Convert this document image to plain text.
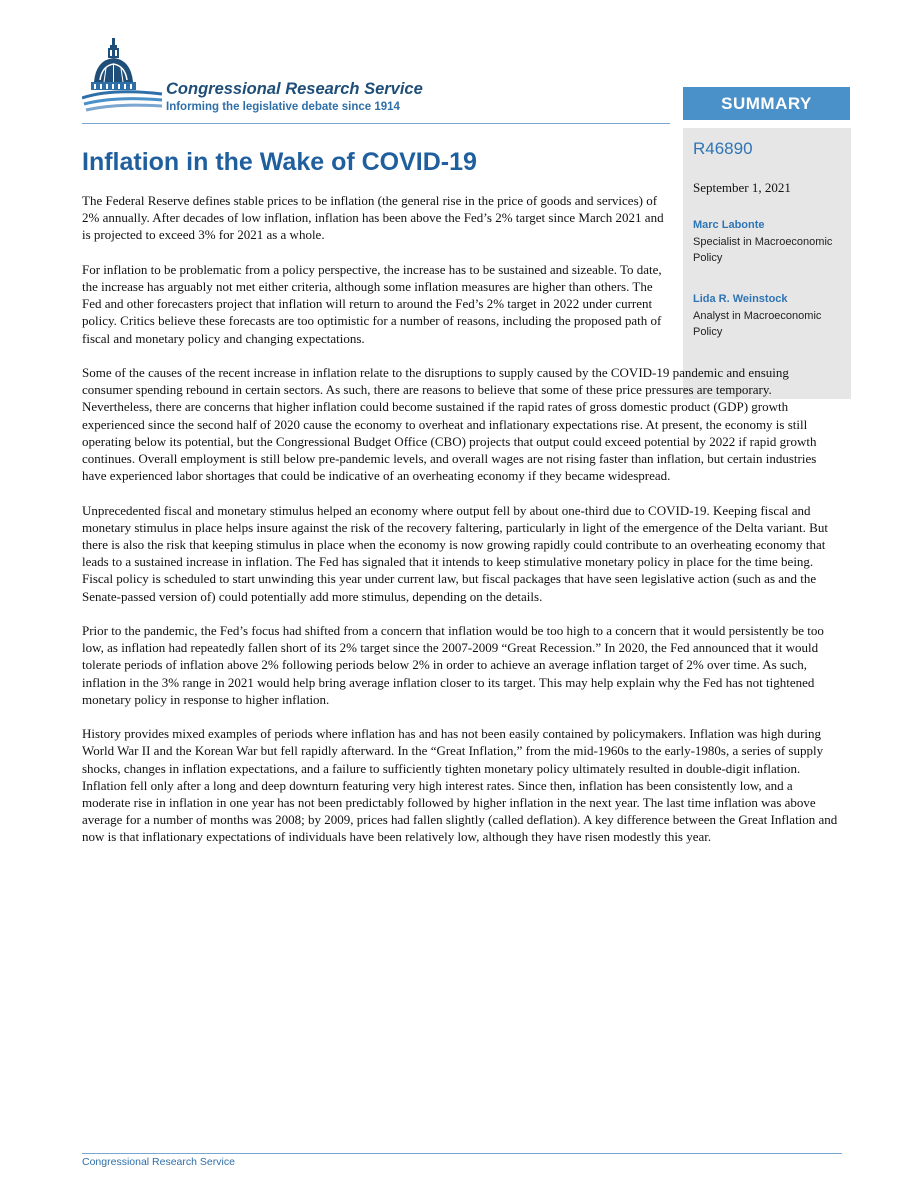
Congressional Research Service
Informing the legislative debate since 1914	SUMMARY
R46890
September 1, 2021
Marc Labonte
Specialist in Macroeconomic Policy
Lida R. Weinstock
Analyst in Macroeconomic Policy
Inflation in the Wake of COVID-19

The Federal Reserve defines stable prices to be inflation (the general rise in the price of goods and services) of 2% annually. After decades of low inflation, inflation has been above the Fed’s 2% target since March 2021 and is projected to exceed 3% for 2021 as a whole.

For inflation to be problematic from a policy perspective, the increase has to be sustained and sizeable. To date, the increase has arguably not met either criteria, although some inflation measures are higher than others. The Fed and other forecasters project that inflation will return to around the Fed’s 2% target in 2022 under current policy. Critics believe these forecasts are too optimistic for a number of reasons, including the proposed path of fiscal and monetary policy and changing expectations.

Some of the causes of the recent increase in inflation relate to the disruptions to supply caused by the COVID-19 pandemic and ensuing consumer spending rebound in certain sectors. As such, there are reasons to believe that some of these price pressures are temporary. Nevertheless, there are concerns that higher inflation could become sustained if the rapid rates of gross domestic product (GDP) growth experienced since the second half of 2020 cause the economy to overheat and inflationary expectations rise. At present, the economy is still operating below its potential, but the Congressional Budget Office (CBO) projects that output could exceed potential by 2022 if rapid growth continues. Overall employment is still below pre-pandemic levels, and overall wages are not rising faster than inflation, but certain industries have experienced labor shortages that could be indicative of an overheating economy if they became widespread.

Unprecedented fiscal and monetary stimulus helped an economy where output fell by about one-third due to COVID-19. Keeping fiscal and monetary stimulus in place helps insure against the risk of the recovery faltering, particularly in light of the emergence of the Delta variant. But there is also the risk that keeping stimulus in place when the economy is now growing rapidly could contribute to an overheating economy that leads to a sustained increase in inflation. The Fed has signaled that it intends to keep stimulative monetary policy in place for the time being. Fiscal policy is scheduled to start unwinding this year under current law, but fiscal packages that have seen legislative action (such as and the Senate-passed version of) could potentially add more stimulus, depending on the details.

Prior to the pandemic, the Fed’s focus had shifted from a concern that inflation would be too high to a concern that it would persistently be too low, as inflation had repeatedly fallen short of its 2% target since the 2007-2009 “Great Recession.” In 2020, the Fed announced that it would tolerate periods of inflation above 2% following periods below 2% in order to achieve an average inflation target of 2% over time. As such, inflation in the 3% range in 2021 would help bring average inflation closer to its target. This may help explain why the Fed has not tightened monetary policy in response to higher inflation.

History provides mixed examples of periods where inflation has and has not been easily contained by policymakers. Inflation was high during World War II and the Korean War but fell rapidly afterward. In the “Great Inflation,” from the mid-1960s to the early-1980s, a series of supply shocks, changes in inflation expectations, and a failure to sufficiently tighten monetary policy ultimately resulted in double-digit inflation. Inflation fell only after a long and deep downturn featuring very high interest rates. Since then, inflation has been consistently low, and a moderate rise in inflation in one year has not been predictably followed by higher inflation in the next year. The last time inflation was above average for a number of months was 2008; by 2009, prices had fallen slightly (called deflation). A key difference between the Great Inflation and now is that inflationary expectations of individuals have been relatively low, although they have risen modestly this year.

Congressional Research Service
